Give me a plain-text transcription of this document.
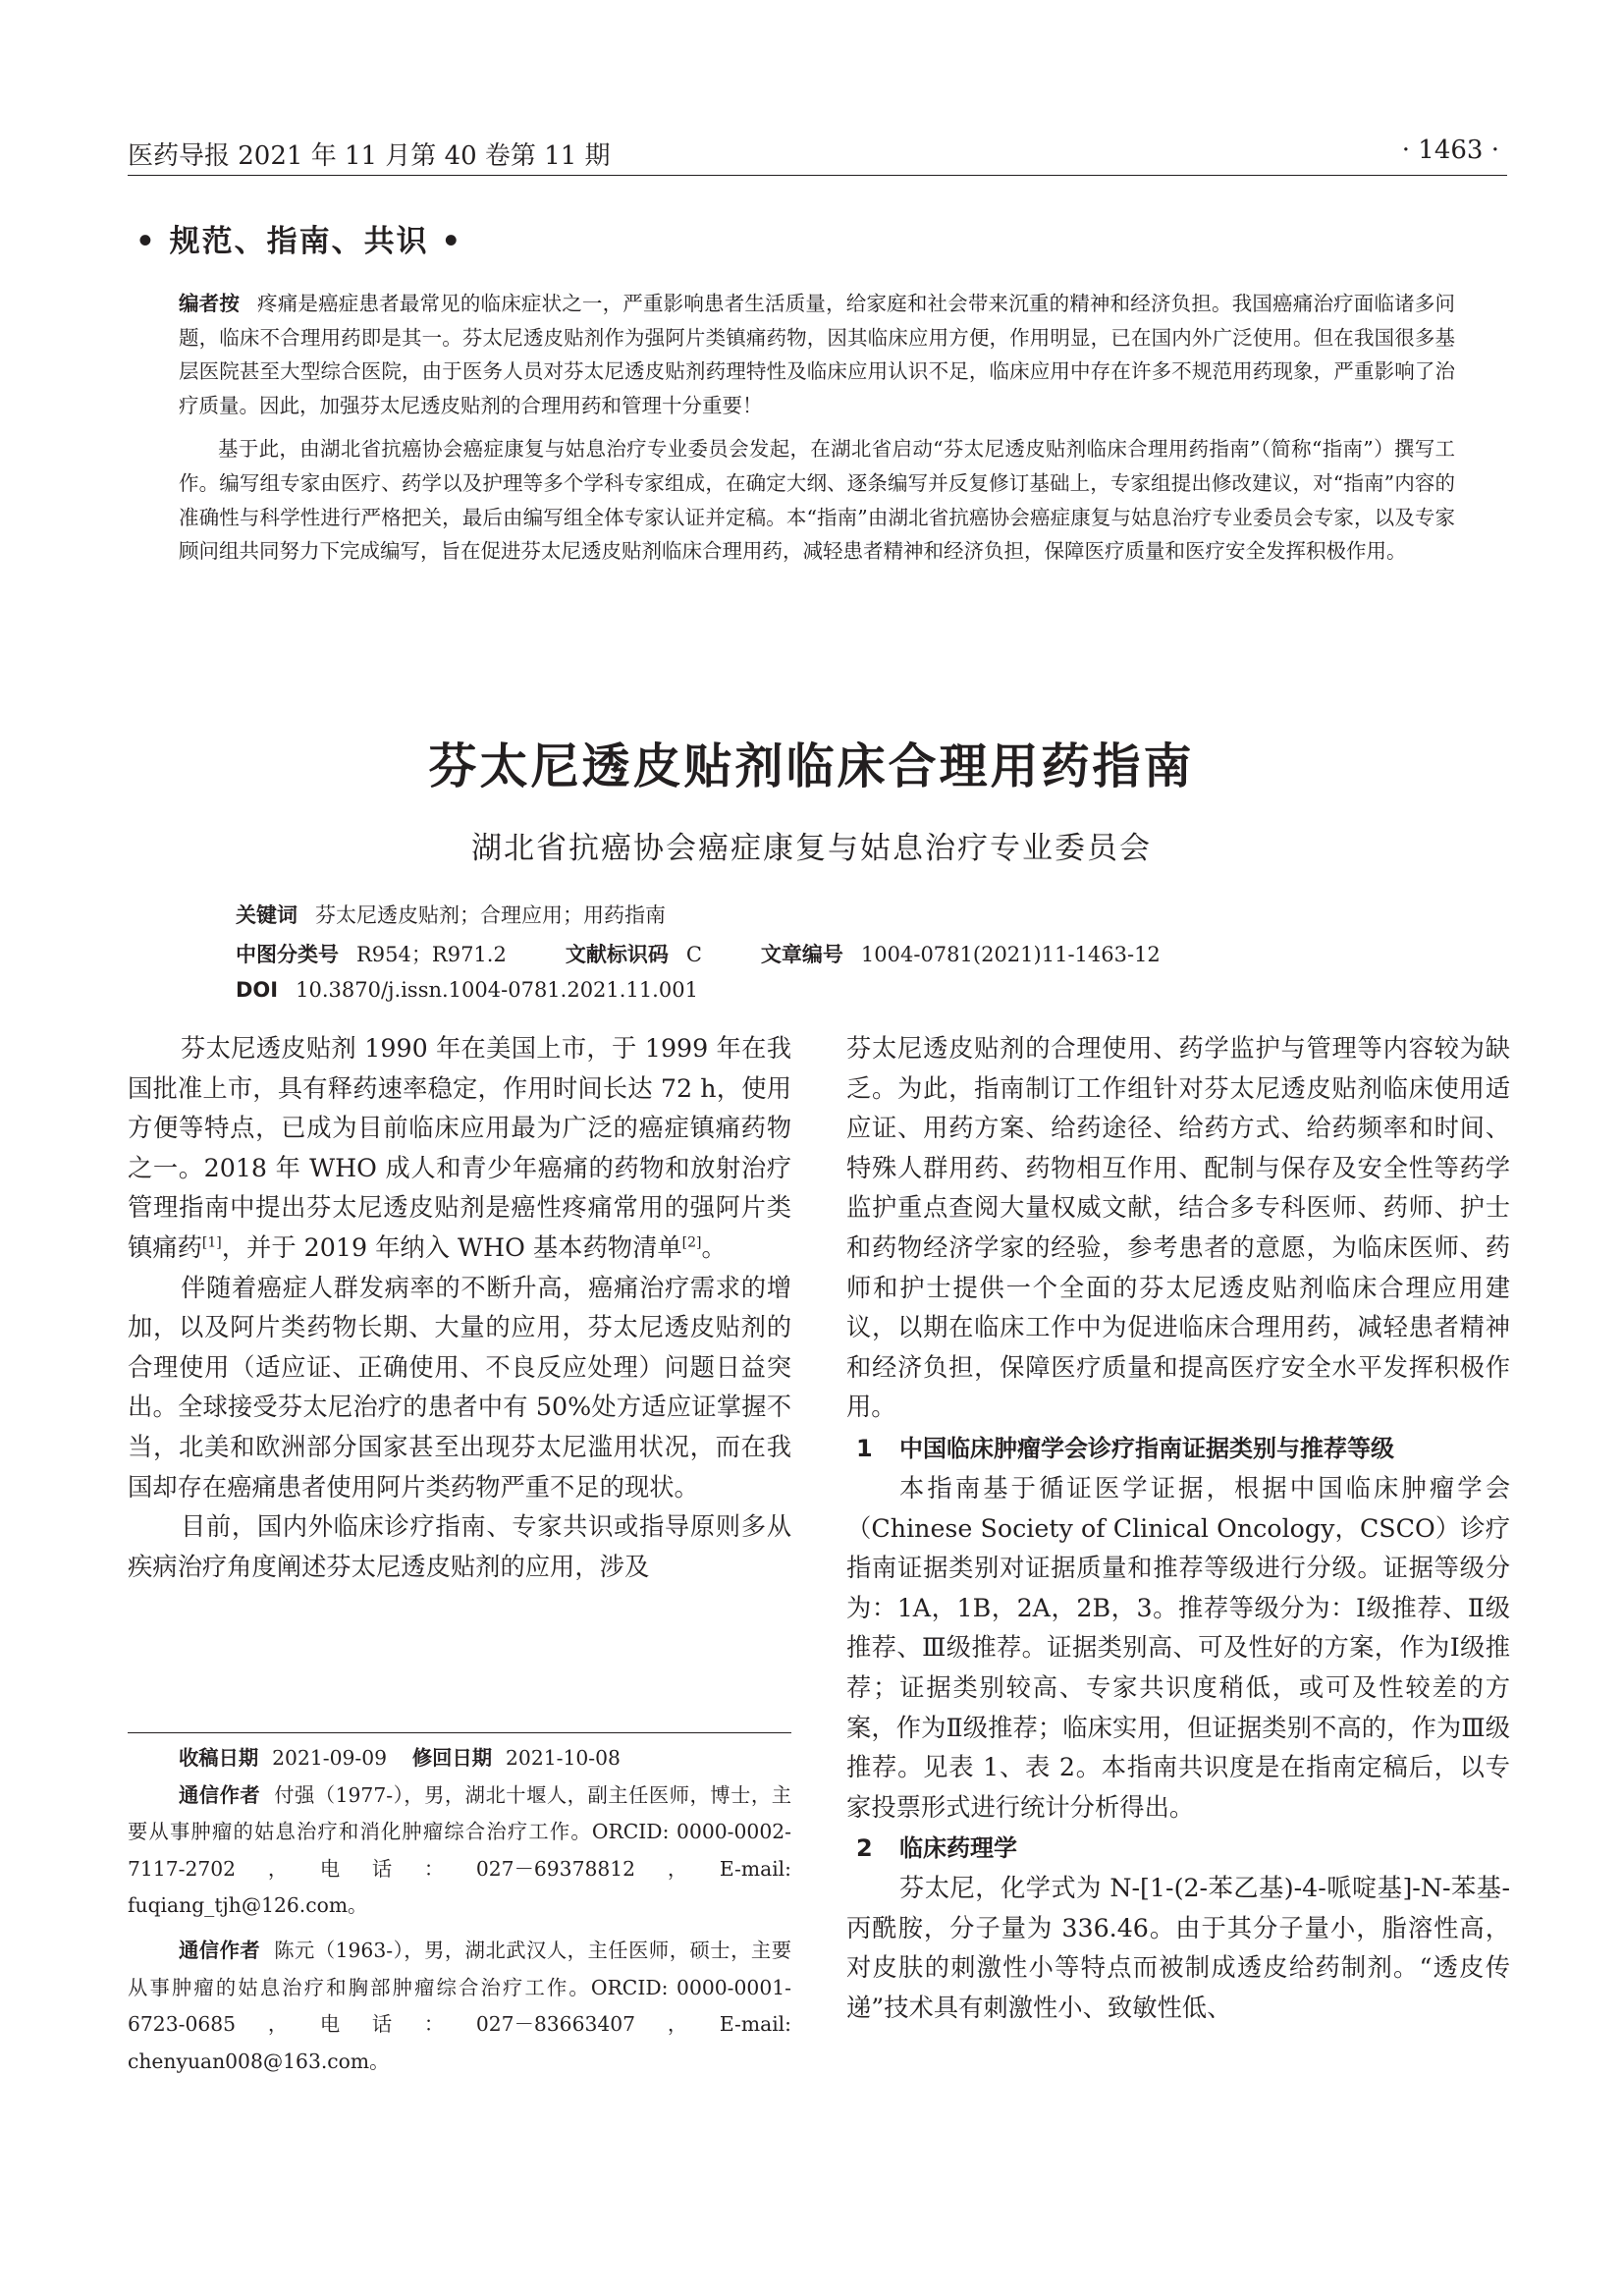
医药导报 2021 年 11 月第 40 卷第 11 期	· 1463 ·
• 规范、指南、共识 •

编者按 疼痛是癌症患者最常见的临床症状之一，严重影响患者生活质量，给家庭和社会带来沉重的精神和经济负担。我国癌痛治疗面临诸多问题，临床不合理用药即是其一。芬太尼透皮贴剂作为强阿片类镇痛药物，因其临床应用方便，作用明显，已在国内外广泛使用。但在我国很多基层医院甚至大型综合医院，由于医务人员对芬太尼透皮贴剂药理特性及临床应用认识不足，临床应用中存在许多不规范用药现象，严重影响了治疗质量。因此，加强芬太尼透皮贴剂的合理用药和管理十分重要！

基于此，由湖北省抗癌协会癌症康复与姑息治疗专业委员会发起，在湖北省启动“芬太尼透皮贴剂临床合理用药指南”（简称“指南”）撰写工作。编写组专家由医疗、药学以及护理等多个学科专家组成，在确定大纲、逐条编写并反复修订基础上，专家组提出修改建议，对“指南”内容的准确性与科学性进行严格把关，最后由编写组全体专家认证并定稿。本“指南”由湖北省抗癌协会癌症康复与姑息治疗专业委员会专家，以及专家顾问组共同努力下完成编写，旨在促进芬太尼透皮贴剂临床合理用药，减轻患者精神和经济负担，保障医疗质量和医疗安全发挥积极作用。

芬太尼透皮贴剂临床合理用药指南
湖北省抗癌协会癌症康复与姑息治疗专业委员会
关键词 芬太尼透皮贴剂；合理应用；用药指南
中图分类号 R954；R971.2	文献标识码 C	文章编号 1004-0781(2021)11-1463-12
DOI 10.3870/j.issn.1004-0781.2021.11.001

芬太尼透皮贴剂 1990 年在美国上市，于 1999 年在我国批准上市，具有释药速率稳定，作用时间长达 72 h，使用方便等特点，已成为目前临床应用最为广泛的癌症镇痛药物之一。2018 年 WHO 成人和青少年癌痛的药物和放射治疗管理指南中提出芬太尼透皮贴剂是癌性疼痛常用的强阿片类镇痛药[1]，并于 2019 年纳入 WHO 基本药物清单[2]。

伴随着癌症人群发病率的不断升高，癌痛治疗需求的增加，以及阿片类药物长期、大量的应用，芬太尼透皮贴剂的合理使用（适应证、正确使用、不良反应处理）问题日益突出。全球接受芬太尼治疗的患者中有 50%处方适应证掌握不当，北美和欧洲部分国家甚至出现芬太尼滥用状况，而在我国却存在癌痛患者使用阿片类药物严重不足的现状。

目前，国内外临床诊疗指南、专家共识或指导原则多从疾病治疗角度阐述芬太尼透皮贴剂的应用，涉及

收稿日期 2021-09-09 修回日期 2021-10-08

通信作者 付强（1977-），男，湖北十堰人，副主任医师，博士，主要从事肿瘤的姑息治疗和消化肿瘤综合治疗工作。ORCID: 0000-0002-7117-2702，电话：027－69378812，E-mail: fuqiang_tjh@126.com。

通信作者 陈元（1963-），男，湖北武汉人，主任医师，硕士，主要从事肿瘤的姑息治疗和胸部肿瘤综合治疗工作。ORCID: 0000-0001-6723-0685，电话：027－83663407，E-mail: chenyuan008@163.com。

芬太尼透皮贴剂的合理使用、药学监护与管理等内容较为缺乏。为此，指南制订工作组针对芬太尼透皮贴剂临床使用适应证、用药方案、给药途径、给药方式、给药频率和时间、特殊人群用药、药物相互作用、配制与保存及安全性等药学监护重点查阅大量权威文献，结合多专科医师、药师、护士和药物经济学家的经验，参考患者的意愿，为临床医师、药师和护士提供一个全面的芬太尼透皮贴剂临床合理应用建议，以期在临床工作中为促进临床合理用药，减轻患者精神和经济负担，保障医疗质量和提高医疗安全水平发挥积极作用。

1 中国临床肿瘤学会诊疗指南证据类别与推荐等级

本指南基于循证医学证据，根据中国临床肿瘤学会（Chinese Society of Clinical Oncology，CSCO）诊疗指南证据类别对证据质量和推荐等级进行分级。证据等级分为：1A，1B，2A，2B，3。推荐等级分为：Ⅰ级推荐、Ⅱ级推荐、Ⅲ级推荐。证据类别高、可及性好的方案，作为Ⅰ级推荐；证据类别较高、专家共识度稍低，或可及性较差的方案，作为Ⅱ级推荐；临床实用，但证据类别不高的，作为Ⅲ级推荐。见表 1、表 2。本指南共识度是在指南定稿后，以专家投票形式进行统计分析得出。

2 临床药理学

芬太尼，化学式为 N-[1-(2-苯乙基)-4-哌啶基]-N-苯基-丙酰胺，分子量为 336.46。由于其分子量小，脂溶性高，对皮肤的刺激性小等特点而被制成透皮给药制剂。“透皮传递”技术具有刺激性小、致敏性低、
